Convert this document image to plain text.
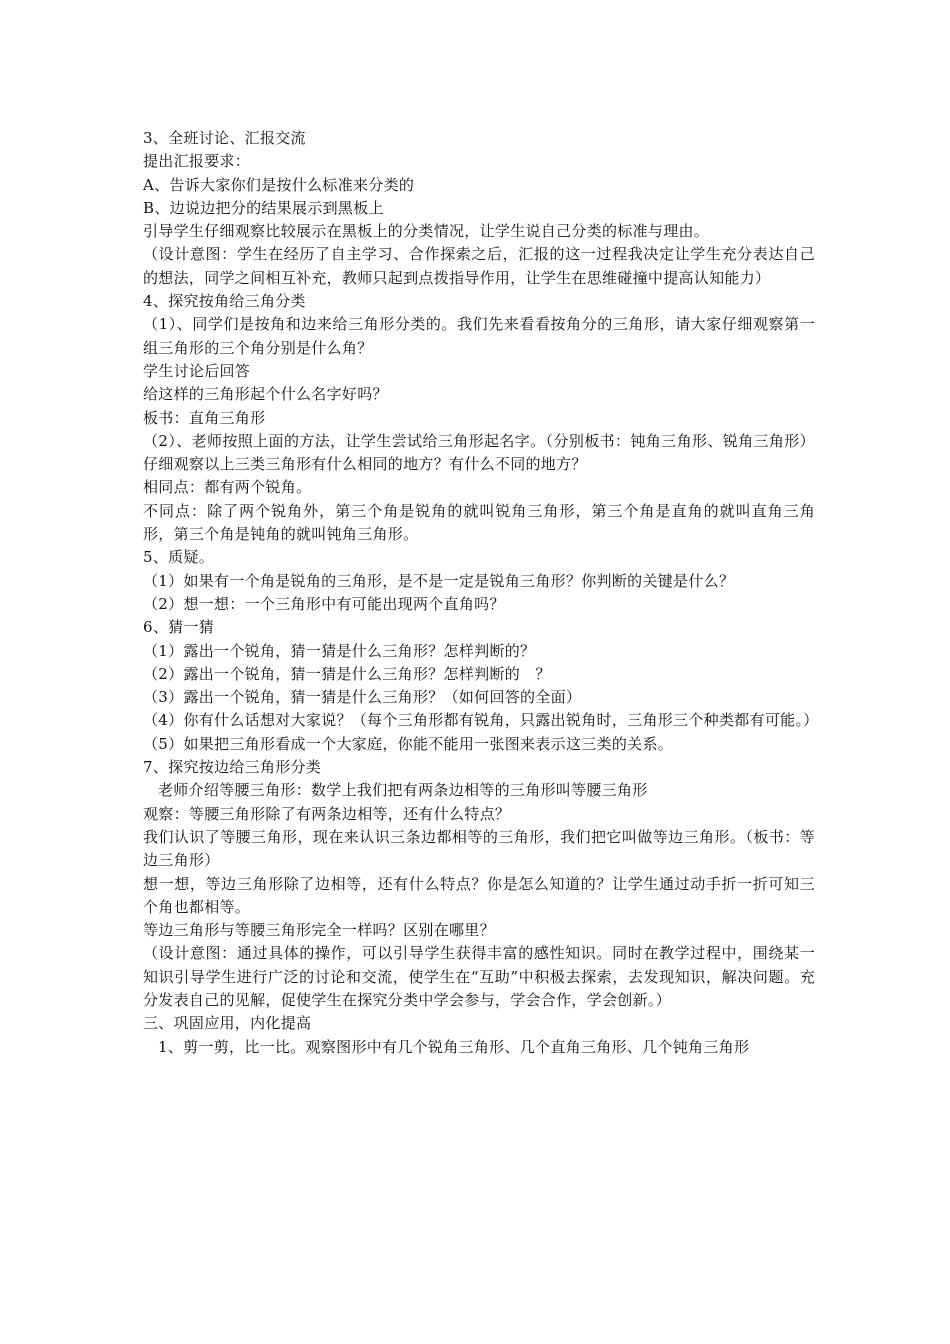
3、全班讨论、汇报交流

提出汇报要求：

A、告诉大家你们是按什么标准来分类的

B、边说边把分的结果展示到黑板上

引导学生仔细观察比较展示在黑板上的分类情况，让学生说自己分类的标准与理由。

（设计意图：学生在经历了自主学习、合作探索之后，汇报的这一过程我决定让学生充分表达自己的想法，同学之间相互补充，教师只起到点拨指导作用，让学生在思维碰撞中提高认知能力）

4、探究按角给三角分类

（1）、同学们是按角和边来给三角形分类的。我们先来看看按角分的三角形，请大家仔细观察第一组三角形的三个角分别是什么角？

学生讨论后回答

给这样的三角形起个什么名字好吗？

板书：直角三角形

（2）、老师按照上面的方法，让学生尝试给三角形起名字。（分别板书：钝角三角形、锐角三角形）仔细观察以上三类三角形有什么相同的地方？有什么不同的地方？

相同点：都有两个锐角。

不同点：除了两个锐角外，第三个角是锐角的就叫锐角三角形，第三个角是直角的就叫直角三角形，第三个角是钝角的就叫钝角三角形。

5、质疑。

（1）如果有一个角是锐角的三角形，是不是一定是锐角三角形？你判断的关键是什么？

（2）想一想：一个三角形中有可能出现两个直角吗？

6、猜一猜

（1）露出一个锐角，猜一猜是什么三角形？怎样判断的？

（2）露出一个锐角，猜一猜是什么三角形？怎样判断的　？

（3）露出一个锐角，猜一猜是什么三角形？（如何回答的全面）

（4）你有什么话想对大家说？（每个三角形都有锐角，只露出锐角时，三角形三个种类都有可能。）

（5）如果把三角形看成一个大家庭，你能不能用一张图来表示这三类的关系。

7、探究按边给三角形分类

老师介绍等腰三角形：数学上我们把有两条边相等的三角形叫等腰三角形

观察：等腰三角形除了有两条边相等，还有什么特点？

我们认识了等腰三角形，现在来认识三条边都相等的三角形，我们把它叫做等边三角形。（板书：等边三角形）

想一想，等边三角形除了边相等，还有什么特点？你是怎么知道的？让学生通过动手折一折可知三个角也都相等。

等边三角形与等腰三角形完全一样吗？区别在哪里？

（设计意图：通过具体的操作，可以引导学生获得丰富的感性知识。同时在教学过程中，围绕某一知识引导学生进行广泛的讨论和交流，使学生在“互助”中积极去探索，去发现知识，解决问题。充分发表自己的见解，促使学生在探究分类中学会参与，学会合作，学会创新。）

三、巩固应用，内化提高

1、剪一剪，比一比。观察图形中有几个锐角三角形、几个直角三角形、几个钝角三角形
